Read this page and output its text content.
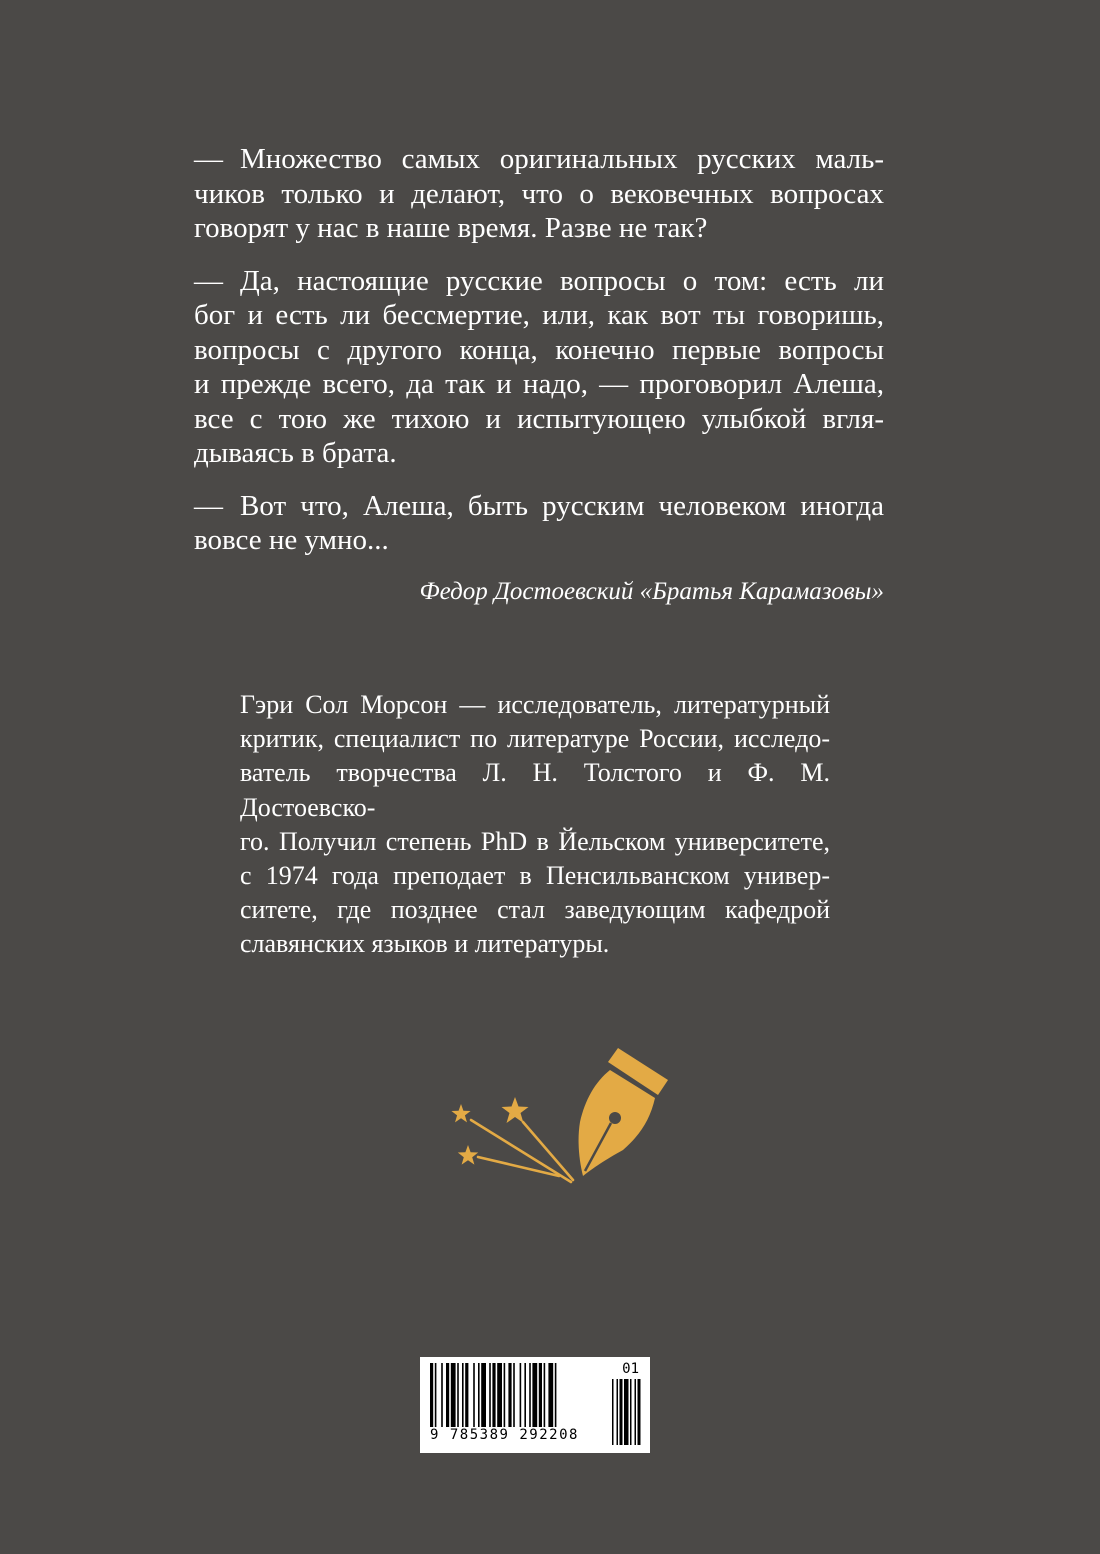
— Множество самых оригинальных русских маль-
чиков только и делают, что о вековечных вопросах
говорят у нас в наше время. Разве не так?

— Да, настоящие русские вопросы о том: есть ли
бог и есть ли бессмертие, или, как вот ты говоришь,
вопросы с другого конца, конечно первые вопросы
и прежде всего, да так и надо, — проговорил Алеша,
все с тою же тихою и испытующею улыбкой вгля-
дываясь в брата.

— Вот что, Алеша, быть русским человеком иногда
вовсе не умно...

Федор Достоевский «Братья Карамазовы»
Гэри Сол Морсон — исследователь, литературный
критик, специалист по литературе России, исследо-
ватель творчества Л. Н. Толстого и Ф. М. Достоевско-
го. Получил степень PhD в Йельском университете,
с 1974 года преподает в Пенсильванском универ-
ситете, где позднее стал заведующим кафедрой
славянских языков и литературы.
01
9 785389 292208
